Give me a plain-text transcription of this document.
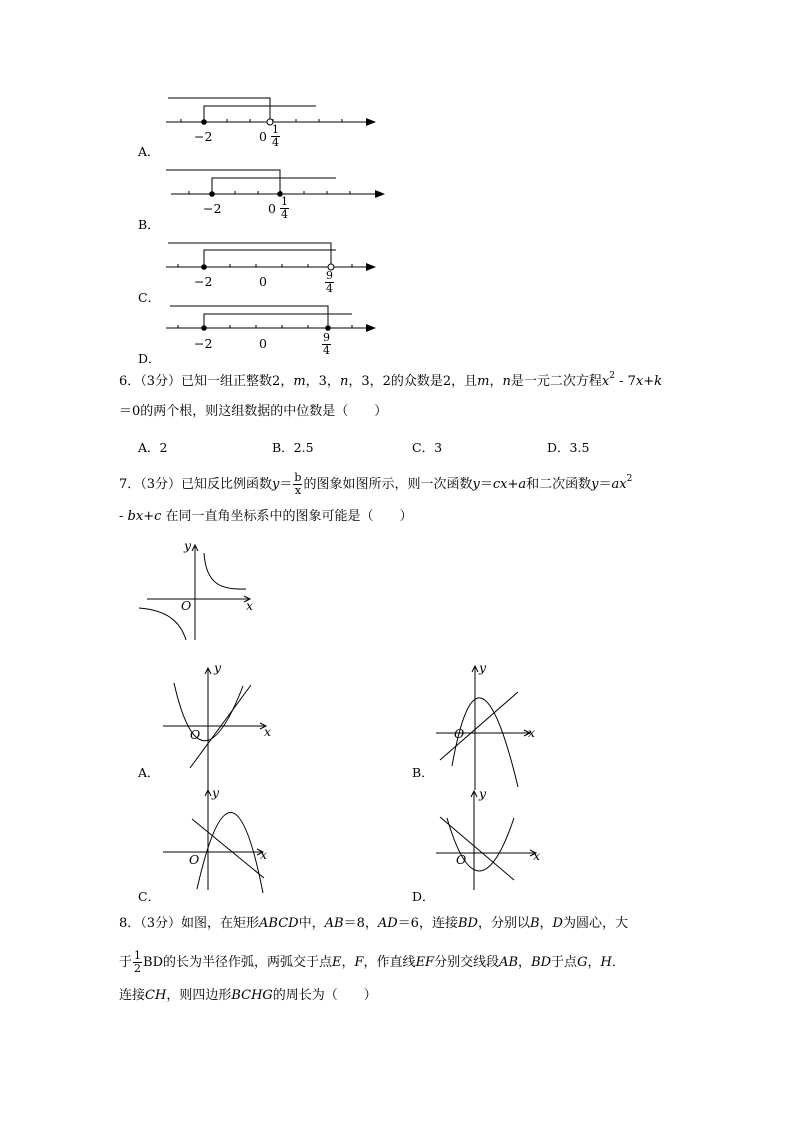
−2	$0 \frac{1}{4}$
A．
−2	$0 \frac{1}{4}$
B．
−2	0	$\frac{9}{4}$
C．
−2	0	$\frac{9}{4}$
D．
6．（3分）已知一组正整数2，m，3，n，3，2的众数是2，且m，n是一元二次方程$x^2 - 7x+k$
＝0的两个根，则这组数据的中位数是（　　）
A．2	B．2.5	C．3	D．3.5
7．（3分）已知反比例函数$y= \frac{b}{x}$ 的图象如图所示，则一次函数y＝cx+a和二次函数$y=ax^2$
- bx+c 在同一直角坐标系中的图象可能是（　　）
y
x
O
y
x
O
A．
y
x
O
B．
y
x
O
C．
y
x
O
D．
8．（3分）如图，在矩形ABCD中，AB＝8，AD＝6，连接BD，分别以B，D为圆心，大
于 $\frac{1}{2}$ BD的长为半径作弧，两弧交于点E，F，作直线EF分别交线段AB，BD于点G，H．
连接CH，则四边形BCHG的周长为（　　）
